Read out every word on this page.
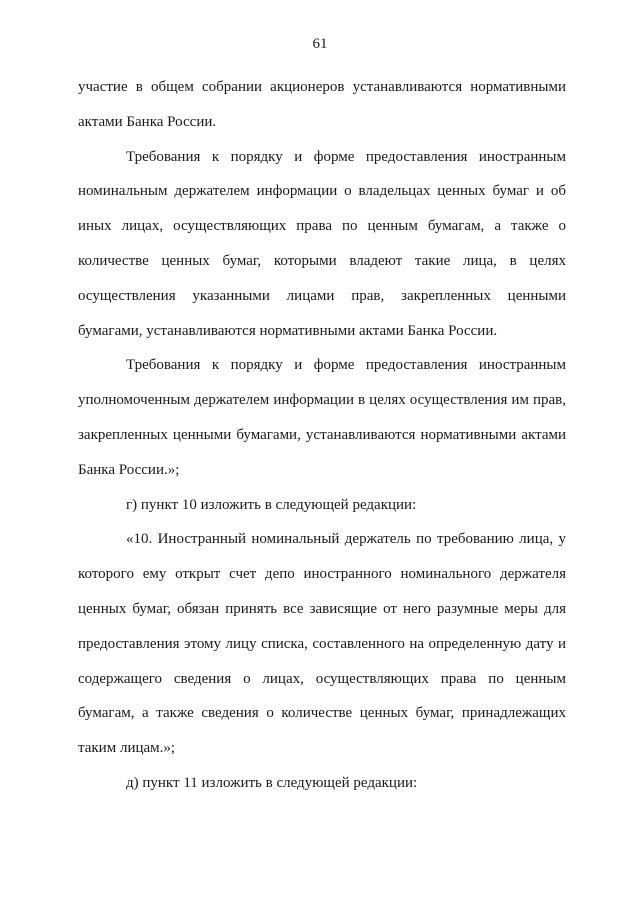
61

участие в общем собрании акционеров устанавливаются нормативными актами Банка России.

Требования к порядку и форме предоставления иностранным номинальным держателем информации о владельцах ценных бумаг и об иных лицах, осуществляющих права по ценным бумагам, а также о количестве ценных бумаг, которыми владеют такие лица, в целях осуществления указанными лицами прав, закрепленных ценными бумагами, устанавливаются нормативными актами Банка России.

Требования к порядку и форме предоставления иностранным уполномоченным держателем информации в целях осуществления им прав, закрепленных ценными бумагами, устанавливаются нормативными актами Банка России.»;

г) пункт 10 изложить в следующей редакции:

«10. Иностранный номинальный держатель по требованию лица, у которого ему открыт счет депо иностранного номинального держателя ценных бумаг, обязан принять все зависящие от него разумные меры для предоставления этому лицу списка, составленного на определенную дату и содержащего сведения о лицах, осуществляющих права по ценным бумагам, а также сведения о количестве ценных бумаг, принадлежащих таким лицам.»;

д) пункт 11 изложить в следующей редакции:
